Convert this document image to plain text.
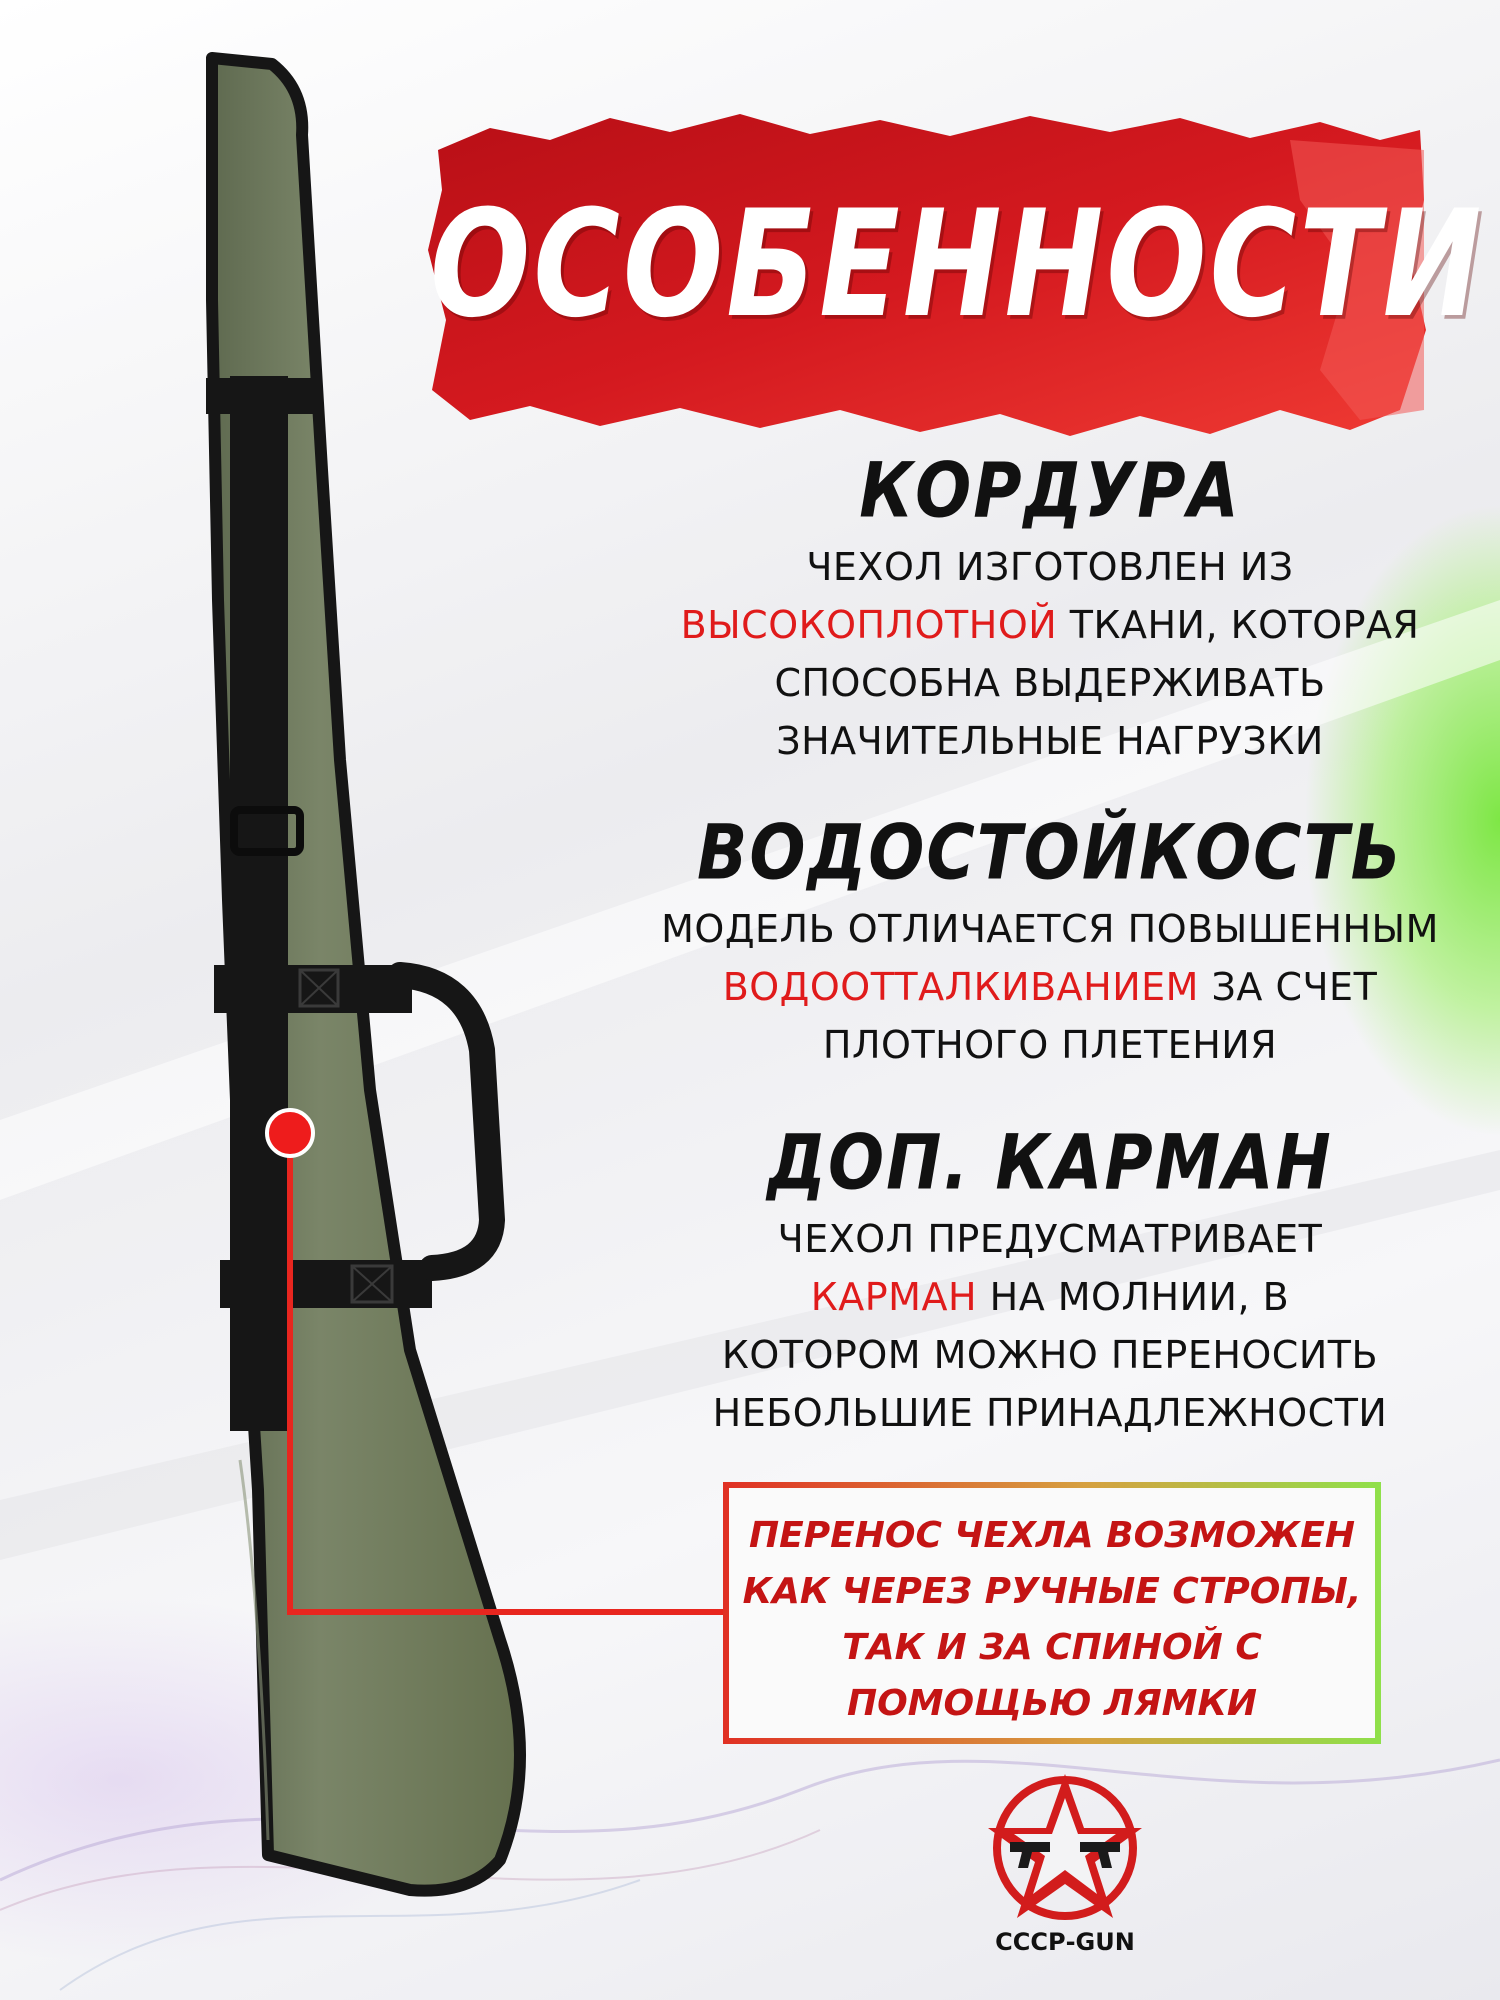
ОСОБЕННОСТИ
КОРДУРА

ЧЕХОЛ ИЗГОТОВЛЕН ИЗ
ВЫСОКОПЛОТНОЙ ТКАНИ, КОТОРАЯ
СПОСОБНА ВЫДЕРЖИВАТЬ
ЗНАЧИТЕЛЬНЫЕ НАГРУЗКИ

ВОДОСТОЙКОСТЬ

МОДЕЛЬ ОТЛИЧАЕТСЯ ПОВЫШЕННЫМ
ВОДООТТАЛКИВАНИЕМ ЗА СЧЕТ
ПЛОТНОГО ПЛЕТЕНИЯ

ДОП. КАРМАН

ЧЕХОЛ ПРЕДУСМАТРИВАЕТ
КАРМАН НА МОЛНИИ, В
КОТОРОМ МОЖНО ПЕРЕНОСИТЬ
НЕБОЛЬШИЕ ПРИНАДЛЕЖНОСТИ

ПЕРЕНОС ЧЕХЛА ВОЗМОЖЕН
КАК ЧЕРЕЗ РУЧНЫЕ СТРОПЫ,
ТАК И ЗА СПИНОЙ С
ПОМОЩЬЮ ЛЯМКИ

СССР-GUN
